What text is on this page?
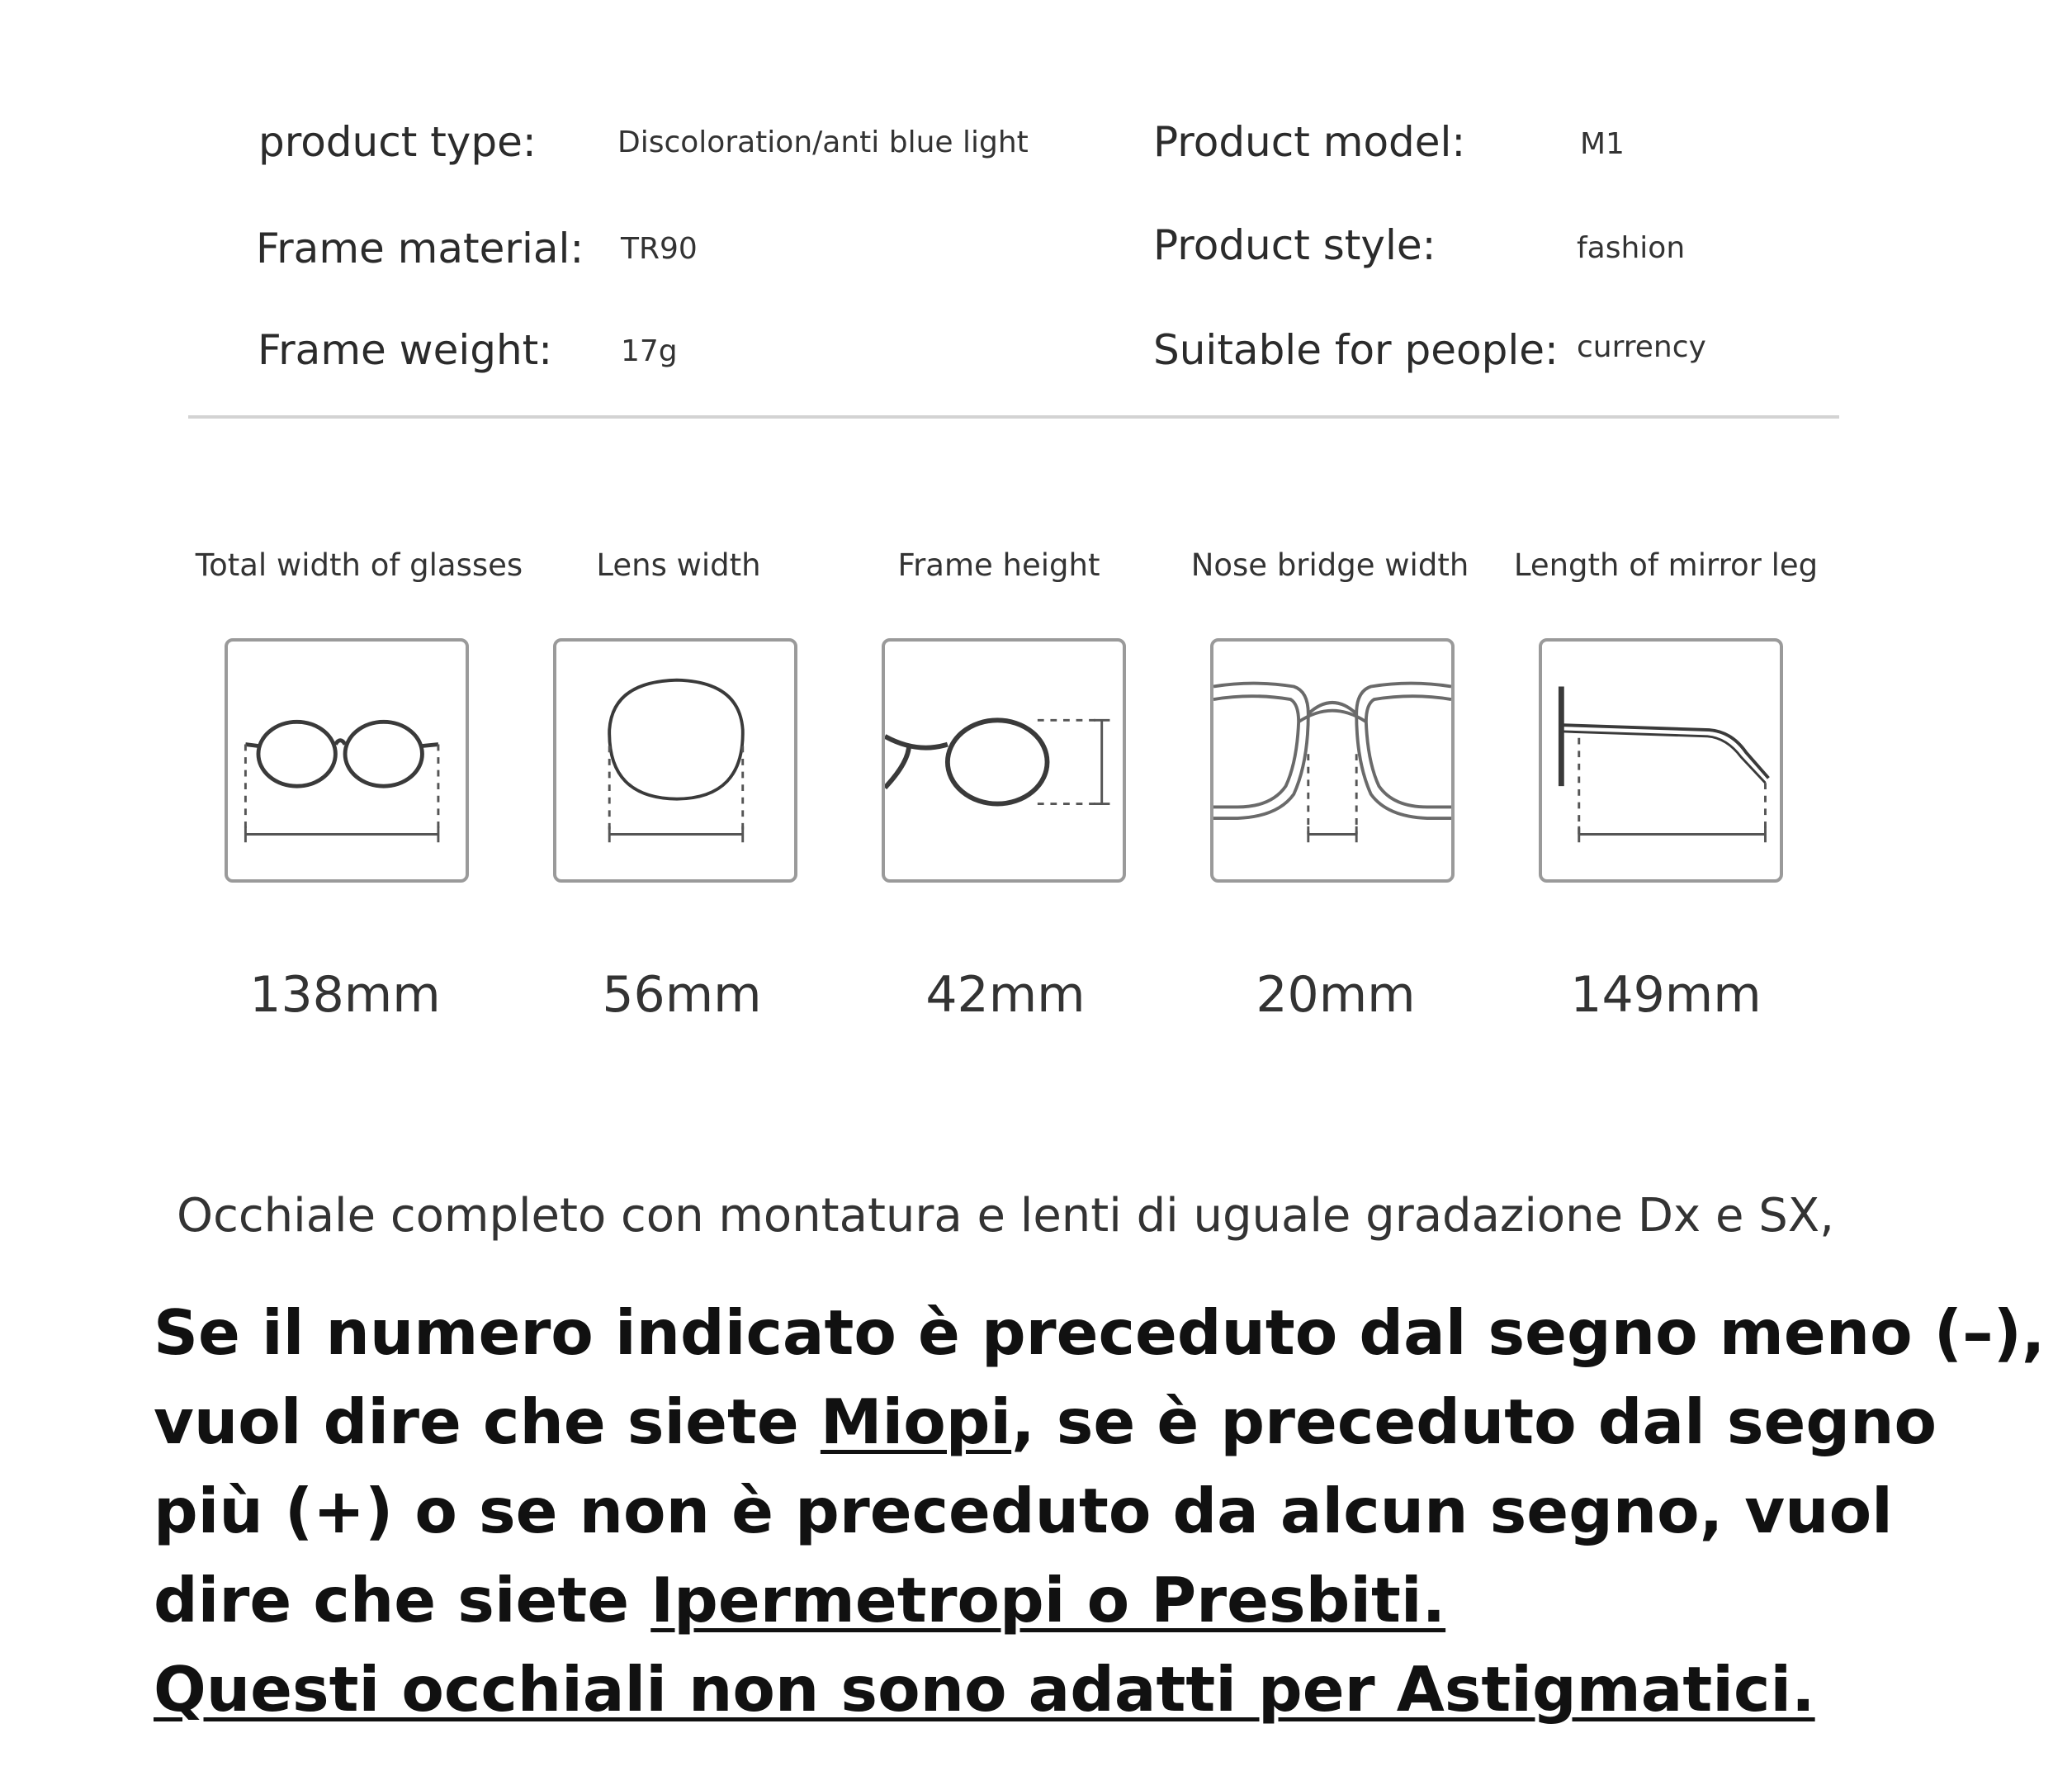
product type:	Discoloration/anti blue light
Frame material: TR90
Frame weight: 17g
Product model:	M1
Product style:	fashion
Suitable for people: currency
Total width of glasses
138mm
Lens width
56mm
Frame height
42mm
Nose bridge width
20mm
Length of mirror leg
149mm
Occhiale completo con montatura e lenti di uguale gradazione Dx e SX,
Se il numero indicato è preceduto dal segno meno (–), vuol dire che siete Miopi, se è preceduto dal segno più (+) o se non è preceduto da alcun segno, vuol dire che siete Ipermetropi o Presbiti.
Questi occhiali non sono adatti per Astigmatici.
